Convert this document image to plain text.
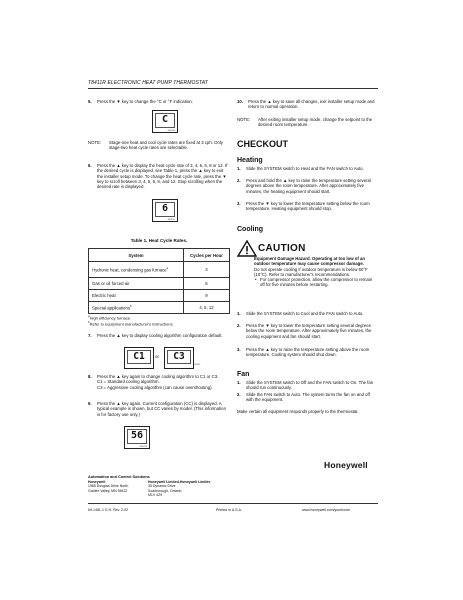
T8411R ELECTRONIC HEAT PUMP THERMOSTAT
5. Press the ▼ key to change the °C or °F indication.
C
M16930
NOTE: Stage-one heat and cool cycle rates are fixed at 3 cph. Only stage-two heat cycle rates are selectable.
6. Press the ▲ key to display the heat cycle rate of 3, 4, 5, 6, 8 or 12. If the desired cycle is displayed, see Table 1, press the ▲ key to exit the installer setup mode. To change the heat cycle rate, press the ▼ key to scroll between 3, 4, 5, 6, 8, and 12. Stop scrolling when the desired rate is displayed.
6
M16931
Table 1. Heat Cycle Rates.
System	Cycles per Hour
Hydronic heat, condensing gas furnace$^a$	3
Gas or oil forced air	6
Electric heat	9
Special applications$^b$	4, 5, 12
$^a$High efficiency furnace.
$^b$Refer to equipment manufacturer's instructions.
7. Press the ▲ key to display cooling algorithm configuration default.
C1	or	C3
M16932
8. Press the ▲ key again to change cooling algorithm to C1 or C3.
C1 = Standard cooling algorithm.
C3 = Aggressive cooling algorithm (can cause overshooting).
9. Press the ▲ key again. Current configuration (CC) is displayed. A typical example is shown, but CC varies by model. (This information is for factory use only.)
56
M16933
10. Press the ▲ key to save all changes, exit installer setup mode and return to normal operation.
NOTE: After exiting installer setup mode, change the setpoint to the desired room temperature.
CHECKOUT
Heating
1. Slide the SYSTEM switch to Heat and the FAN switch to Auto.
2. Press and hold the ▲ key to raise the temperature setting several degrees above the room temperature. After approximately five minutes, the heating equipment should start.
3. Press the ▼ key to lower the temperature setting below the room temperature. Heating equipment should stop.
Cooling
CAUTION
Equipment Damage Hazard. Operating at too low of an outdoor temperature may cause compressor damage.
Do not operate cooling if outdoor temperature is below 50°F (10°C). Refer to manufacturer's recommendations.
• For compressor protection, allow the compressor to remain off for five minutes before restarting.
1. Slide the SYSTEM switch to Cool and the FAN switch to Auto.
2. Press the ▼ key to lower the temperature setting several degrees below the room temperature. After approximately five minutes, the cooling equipment and fan should start.
3. Press the ▲ key to raise the temperature setting above the room temperature. Cooling system should shut down.
Fan
1. Slide the SYSTEM switch to Off and the FAN switch to On. The fan should run continuously.
2. Slide the FAN switch to Auto. The system turns the fan on and off with the equipment.
Make certain all equipment responds properly to the thermostat.
Honeywell
Automation and Control Solutions
Honeywell
1985 Douglas Drive North
Golden Valley, MN 55422
Honeywell Limited-Honeywell Limitée
35 Dynamic Drive
Scarborough, Ontario
M1V 4Z9
69-1481-1 G.H. Rev. 2-02	Printed in U.S.A.	www.honeywell.com/yourhome
